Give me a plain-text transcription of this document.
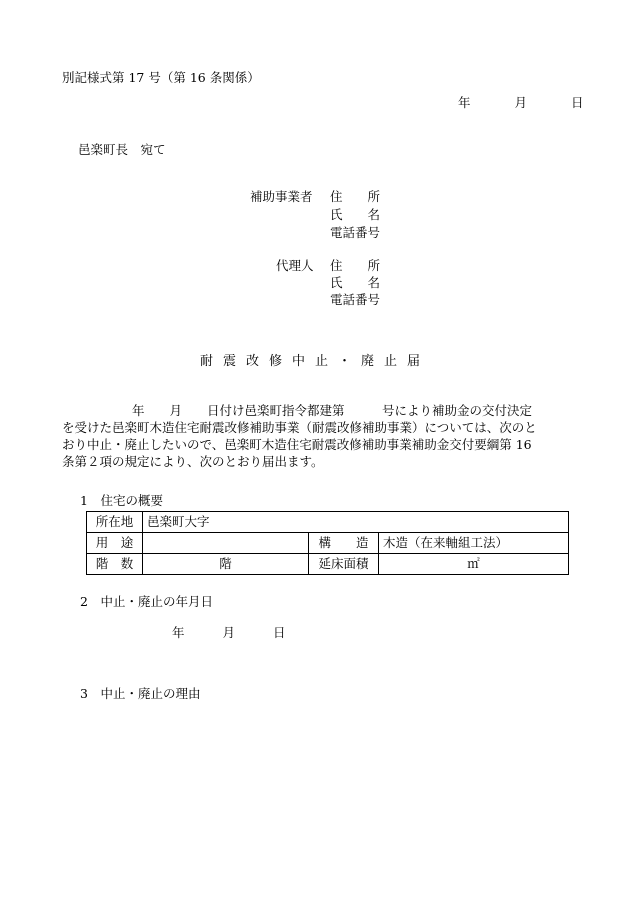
別記様式第 17 号（第 16 条関係）
年	月	日
邑楽町長　宛て
補助事業者 住　　所
氏　　名
電話番号
代理人 住　　所
氏　　名
電話番号
耐震改修中止・廃止届

年　　月　　日付け邑楽町指令都建第　　　号により補助金の交付決定

を受けた邑楽町木造住宅耐震改修補助事業（耐震改修補助事業）については、次のと

おり中止・廃止したいので、邑楽町木造住宅耐震改修補助事業補助金交付要綱第 16

条第２項の規定により、次のとおり届出ます。

1　住宅の概要
所在地	邑楽町大字		
用　途		構　　造	木造（在来軸組工法）
階　数	階	延床面積	㎡
2　中止・廃止の年月日
年	月	日
3　中止・廃止の理由
